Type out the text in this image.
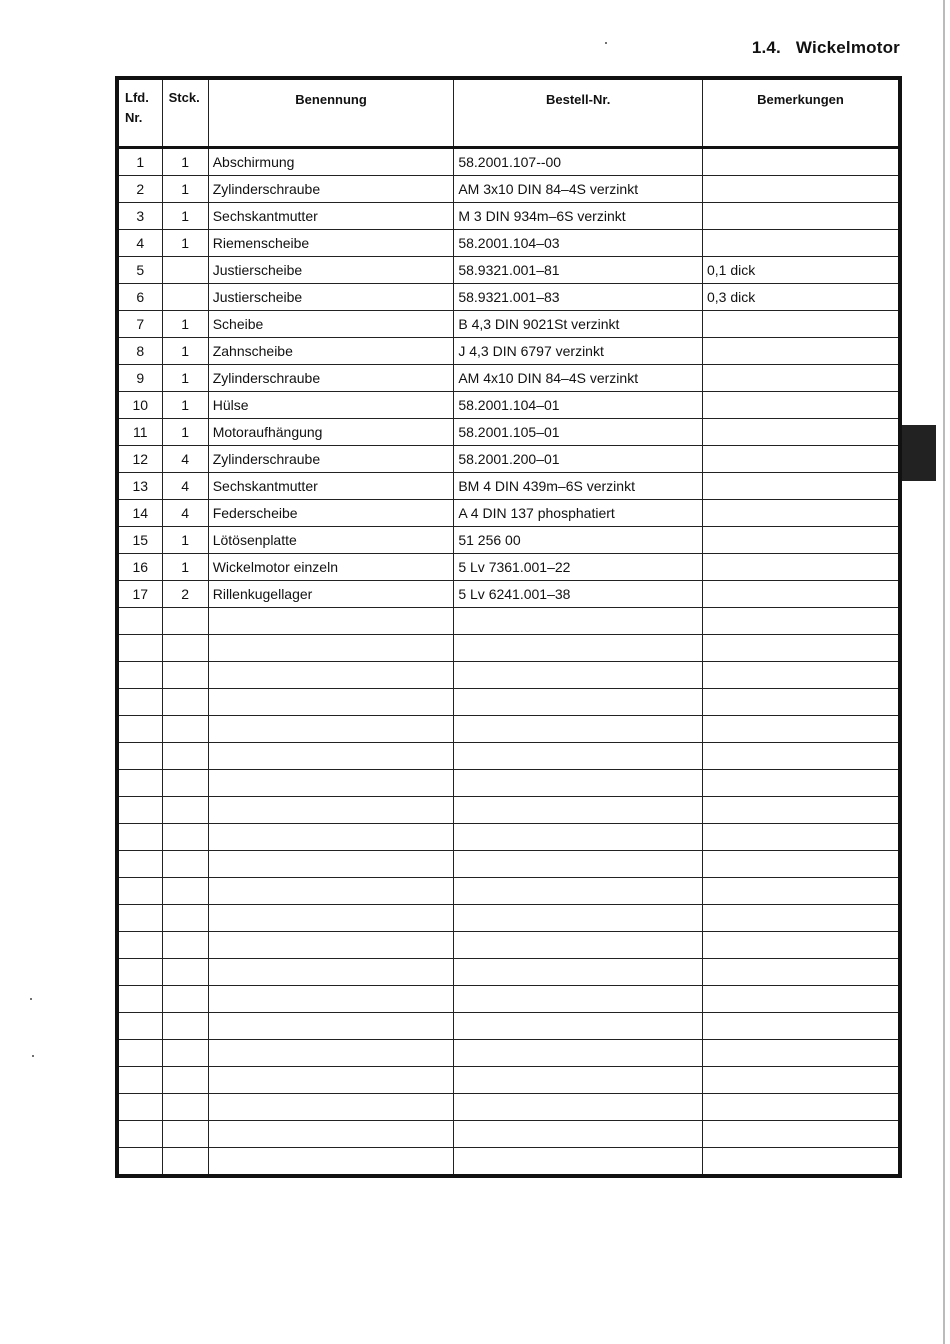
1.4. Wickelmotor
Lfd.
Nr.	Stck.	Benennung	Bestell-Nr.	Bemerkungen
1	1	Abschirmung	58.2001.107--00	
2	1	Zylinderschraube	AM 3x10 DIN 84–4S verzinkt	
3	1	Sechskantmutter	M 3 DIN 934m–6S verzinkt	
4	1	Riemenscheibe	58.2001.104–03	
5		Justierscheibe	58.9321.001–81	0,1 dick
6		Justierscheibe	58.9321.001–83	0,3 dick
7	1	Scheibe	B 4,3 DIN 9021St verzinkt	
8	1	Zahnscheibe	J 4,3 DIN 6797 verzinkt	
9	1	Zylinderschraube	AM 4x10 DIN 84–4S verzinkt	
10	1	Hülse	58.2001.104–01	
11	1	Motoraufhängung	58.2001.105–01	
12	4	Zylinderschraube	58.2001.200–01	
13	4	Sechskantmutter	BM 4 DIN 439m–6S verzinkt	
14	4	Federscheibe	A 4 DIN 137 phosphatiert	
15	1	Lötösenplatte	51 256 00	
16	1	Wickelmotor einzeln	5 Lv 7361.001–22	
17	2	Rillenkugellager	5 Lv 6241.001–38	
